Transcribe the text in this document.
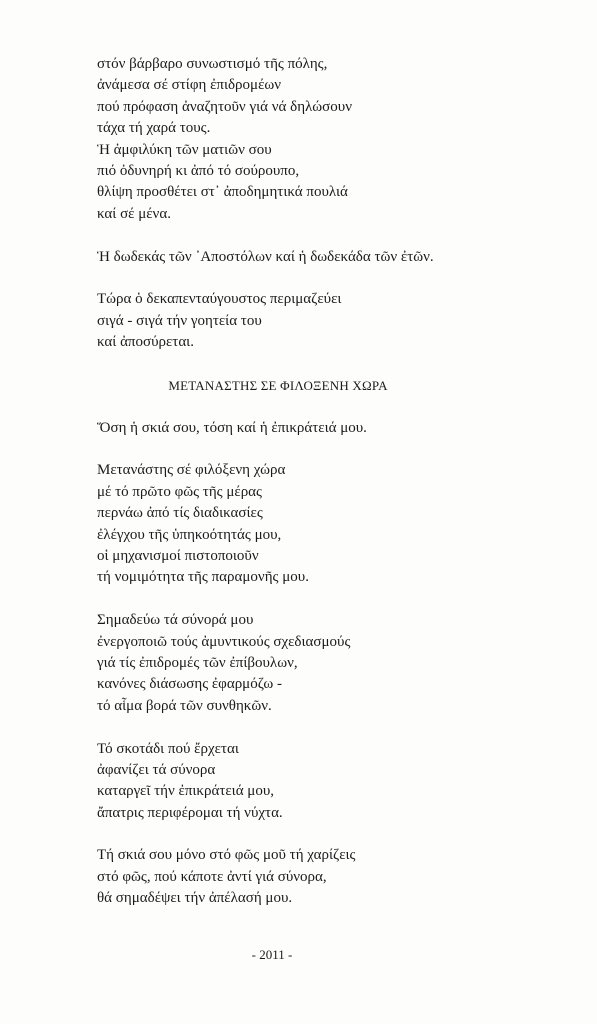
στόν βάρβαρο συνωστισμό τῆς πόλης,
ἀνάμεσα σέ στίφη ἐπιδρομέων
πού πρόφαση ἀναζητοῦν γιά νά δηλώσουν
τάχα τή χαρά τους.
Ἡ ἀμφιλύκη τῶν ματιῶν σου
πιό ὀδυνηρή κι ἀπό τό σούρουπο,
θλίψη προσθέτει στ᾽ ἀποδημητικά πουλιά
καί σέ μένα.
Ἡ δωδεκάς τῶν ᾽Αποστόλων καί ἡ δωδεκάδα τῶν ἐτῶν.
Τώρα ὁ δεκαπενταύγουστος περιμαζεύει
σιγά - σιγά τήν γοητεία του
καί ἀποσύρεται.
ΜΕΤΑΝΑΣΤΗΣ ΣΕ ΦΙΛΟΞΕΝΗ ΧΩΡΑ
Ὅση ἡ σκιά σου, τόση καί ἡ ἐπικράτειά μου.
Μετανάστης σέ φιλόξενη χώρα
μέ τό πρῶτο φῶς τῆς μέρας
περνάω ἀπό τίς διαδικασίες
ἐλέγχου τῆς ὑπηκοότητάς μου,
οἱ μηχανισμοί πιστοποιοῦν
τή νομιμότητα τῆς παραμονῆς μου.
Σημαδεύω τά σύνορά μου
ἐνεργοποιῶ τούς ἀμυντικούς σχεδιασμούς
γιά τίς ἐπιδρομές τῶν ἐπίβουλων,
κανόνες διάσωσης ἐφαρμόζω -
τό αἷμα βορά τῶν συνθηκῶν.
Τό σκοτάδι πού ἔρχεται
ἀφανίζει τά σύνορα
καταργεῖ τήν ἐπικράτειά μου,
ἄπατρις περιφέρομαι τή νύχτα.
Τή σκιά σου μόνο στό φῶς μοῦ τή χαρίζεις
στό φῶς, πού κάποτε ἀντί γιά σύνορα,
θά σημαδέψει τήν ἀπέλασή μου.
- 2011 -
